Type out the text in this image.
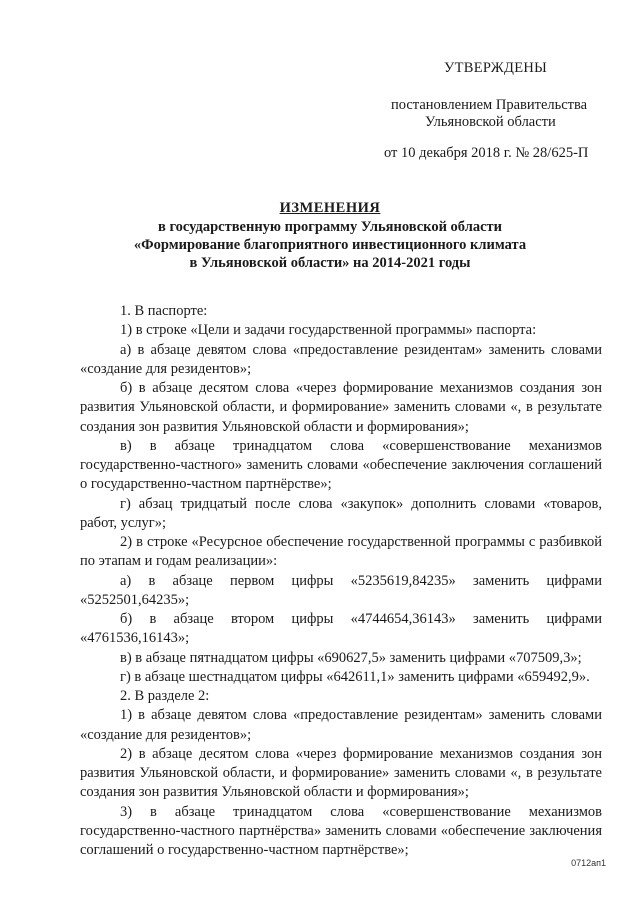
УТВЕРЖДЕНЫ
постановлением Правительства
Ульяновской области
от 10 декабря 2018 г. № 28/625-П
ИЗМЕНЕНИЯ
в государственную программу Ульяновской области
«Формирование благоприятного инвестиционного климата
в Ульяновской области» на 2014-2021 годы

1. В паспорте:

1) в строке «Цели и задачи государственной программы» паспорта:

а) в абзаце девятом слова «предоставление резидентам» заменить словами «создание для резидентов»;

б) в абзаце десятом слова «через формирование механизмов создания зон развития Ульяновской области, и формирование» заменить словами «, в результате создания зон развития Ульяновской области и формирования»;

в) в абзаце тринадцатом слова «совершенствование механизмов государственно-частного» заменить словами «обеспечение заключения соглашений о государственно-частном партнёрстве»;

г) абзац тридцатый после слова «закупок» дополнить словами «товаров, работ, услуг»;

2) в строке «Ресурсное обеспечение государственной программы с разбивкой по этапам и годам реализации»:

а) в абзаце первом цифры «5235619,84235» заменить цифрами «5252501,64235»;

б) в абзаце втором цифры «4744654,36143» заменить цифрами «4761536,16143»;

в) в абзаце пятнадцатом цифры «690627,5» заменить цифрами «707509,3»;

г) в абзаце шестнадцатом цифры «642611,1» заменить цифрами «659492,9».

2. В разделе 2:

1) в абзаце девятом слова «предоставление резидентам» заменить словами «создание для резидентов»;

2) в абзаце десятом слова «через формирование механизмов создания зон развития Ульяновской области, и формирование» заменить словами «, в результате создания зон развития Ульяновской области и формирования»;

3) в абзаце тринадцатом слова «совершенствование механизмов государственно-частного партнёрства» заменить словами «обеспечение заключения соглашений о государственно-частном партнёрстве»;

0712ап1
